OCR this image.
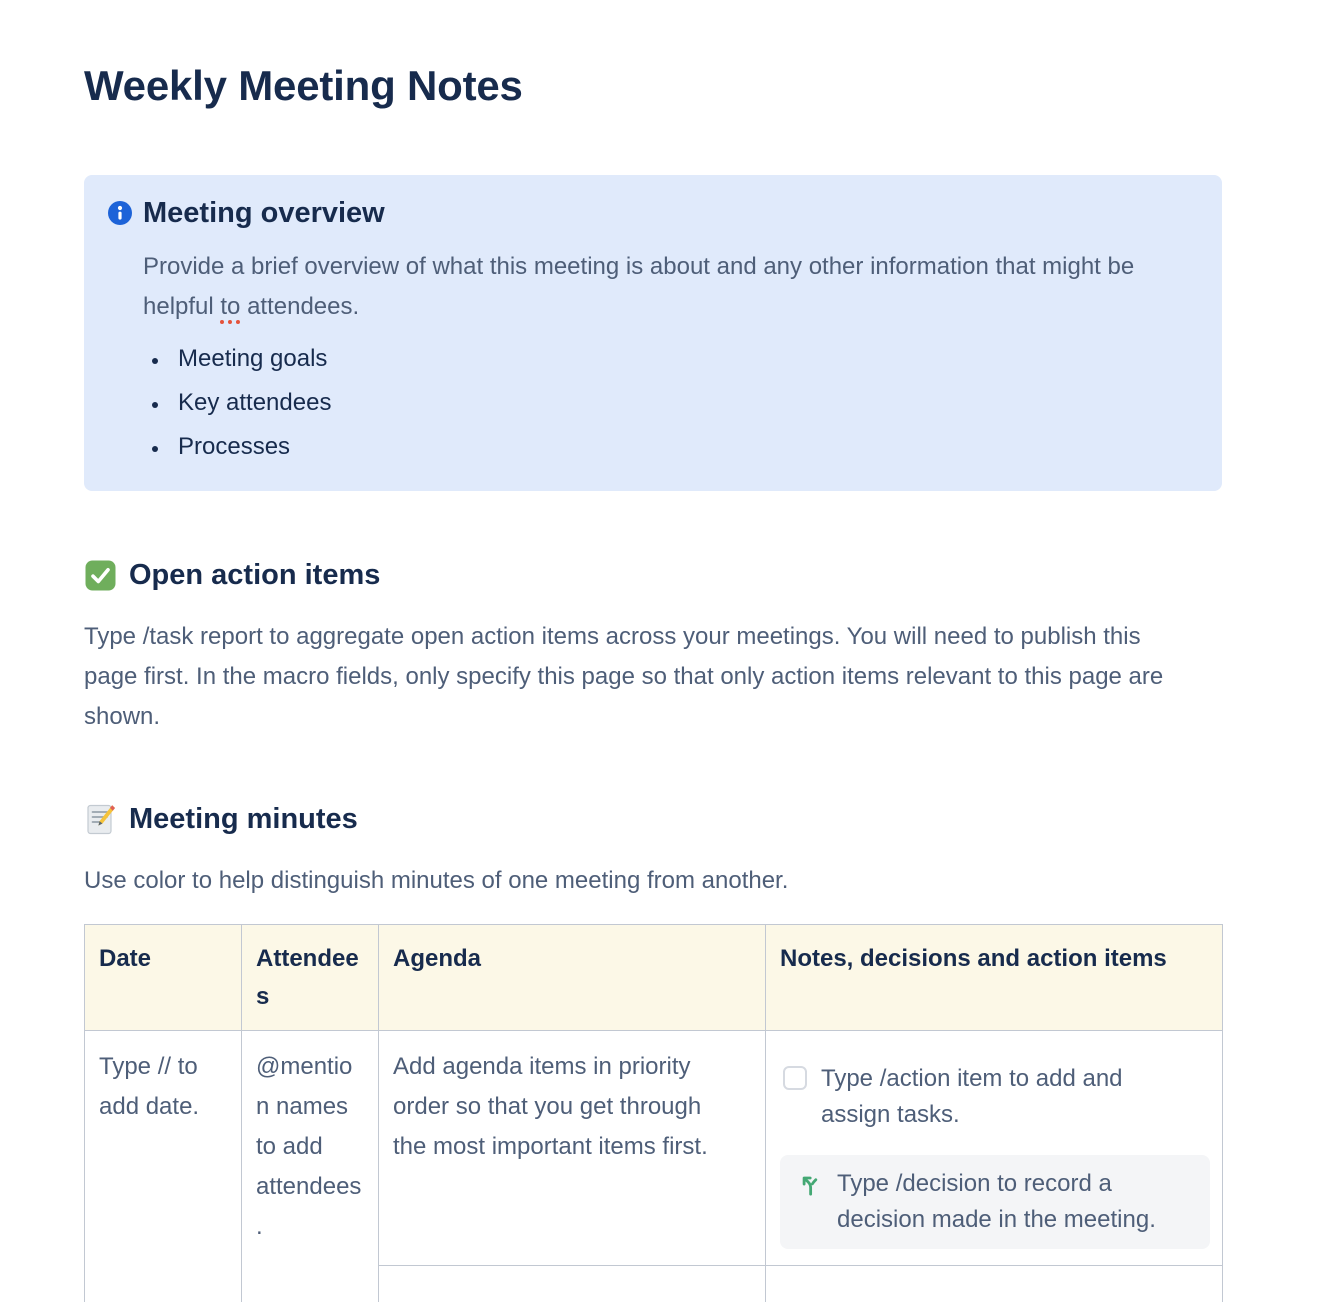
Weekly Meeting Notes
Meeting overview

Provide a brief overview of what this meeting is about and any other information that might be helpful to attendees.

• Meeting goals
• Key attendees
• Processes
Open action items

Type /task report to aggregate open action items across your meetings. You will need to publish this page first. In the macro fields, only specify this page so that only action items relevant to this page are shown.

Meeting minutes

Use color to help distinguish minutes of one meeting from another.

Date	Attendees	Agenda	Notes, decisions and action items
Type // to add date.	@mention names to add attendees.	Add agenda items in priority order so that you get through the most important items first.	Type /action item to add and assign tasks.
Type /decision to record a decision made in the meeting.
